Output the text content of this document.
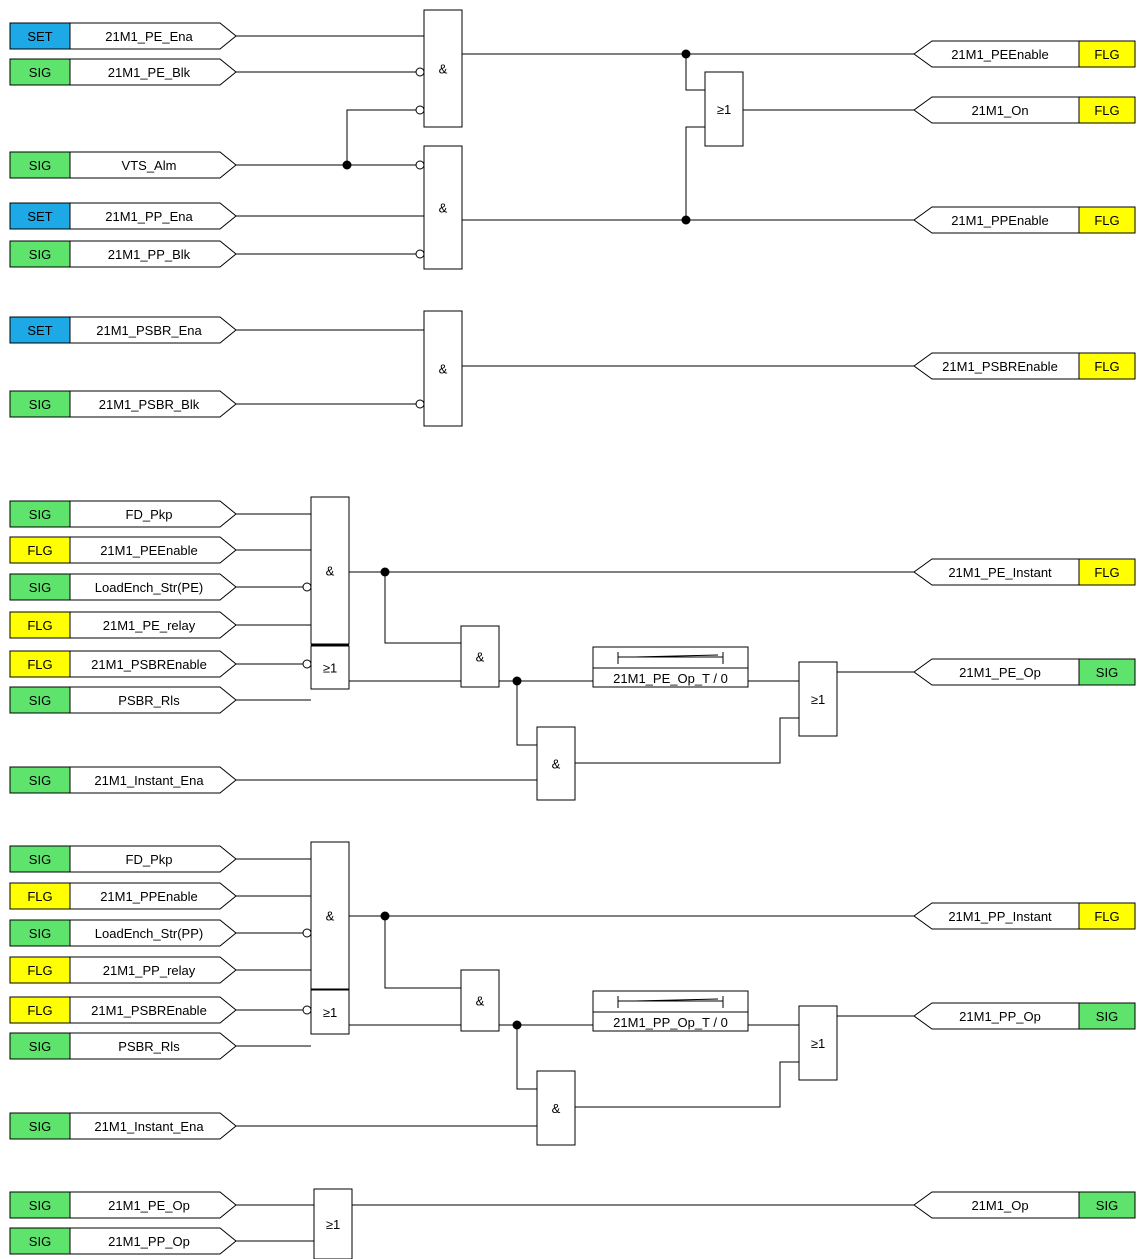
&
&
≥1
&
&
≥1
&
&
≥1
&
≥1
&
&
≥1
≥1
21M1_PE_Op_T / 0
21M1_PP_Op_T / 0
SET	21M1_PE_Ena
SIG	21M1_PE_Blk
SIG	VTS_Alm
SET	21M1_PP_Ena
SIG	21M1_PP_Blk
SET	21M1_PSBR_Ena
SIG	21M1_PSBR_Blk
SIG	FD_Pkp
FLG	21M1_PEEnable
SIG	LoadEnch_Str(PE)
FLG	21M1_PE_relay
FLG	21M1_PSBREnable
SIG	PSBR_Rls
SIG	21M1_Instant_Ena
SIG	FD_Pkp
FLG	21M1_PPEnable
SIG	LoadEnch_Str(PP)
FLG	21M1_PP_relay
FLG	21M1_PSBREnable
SIG	PSBR_Rls
SIG	21M1_Instant_Ena
SIG	21M1_PE_Op
SIG	21M1_PP_Op
21M1_PEEnable	FLG
21M1_On	FLG
21M1_PPEnable	FLG
21M1_PSBREnable	FLG
21M1_PE_Instant	FLG
21M1_PE_Op	SIG
21M1_PP_Instant	FLG
21M1_PP_Op	SIG
21M1_Op	SIG
